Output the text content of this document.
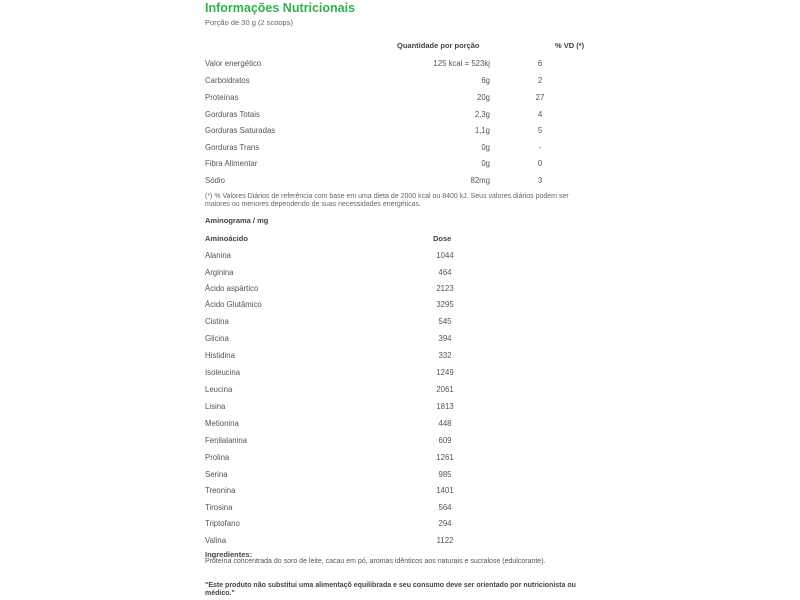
Informações Nutricionais
Porção de 30 g (2 scoops)
Quantidade por porção	% VD (*)
Valor energético	125 kcal = 523kj	6
Carboidratos	6g	2
Proteínas	20g	27
Gorduras Totais	2,3g	4
Gorduras Saturadas	1,1g	5
Gorduras Trans	0g	-
Fibra Alimentar	0g	0
Sódio	82mg	3
(*) % Valores Diários de referência com base em uma dieta de 2000 kcal ou 8400 kJ. Seus valores diários podem ser maiores ou menores dependendo de suas necessidades energéticas.
Aminograma / mg
Aminoácido	Dose
Alanina	1044
Arginina	464
Ácido aspártico	2123
Ácido Glutâmico	3295
Cistina	545
Glicina	394
Histidina	332
Isoleucina	1249
Leucina	2061
Lisina	1813
Metionina	448
Fenilalanina	609
Prolina	1261
Serina	985
Treonina	1401
Tirosina	564
Triptofano	294
Valina	1122
Ingredientes:
Proteína concentrada do soro de leite, cacau em pó, aromas idênticos aos naturais e sucralose (edulcorante).
"Este produto não substitui uma alimentaçõ equilibrada e seu consumo deve ser orientado por nutricionista ou médico."
